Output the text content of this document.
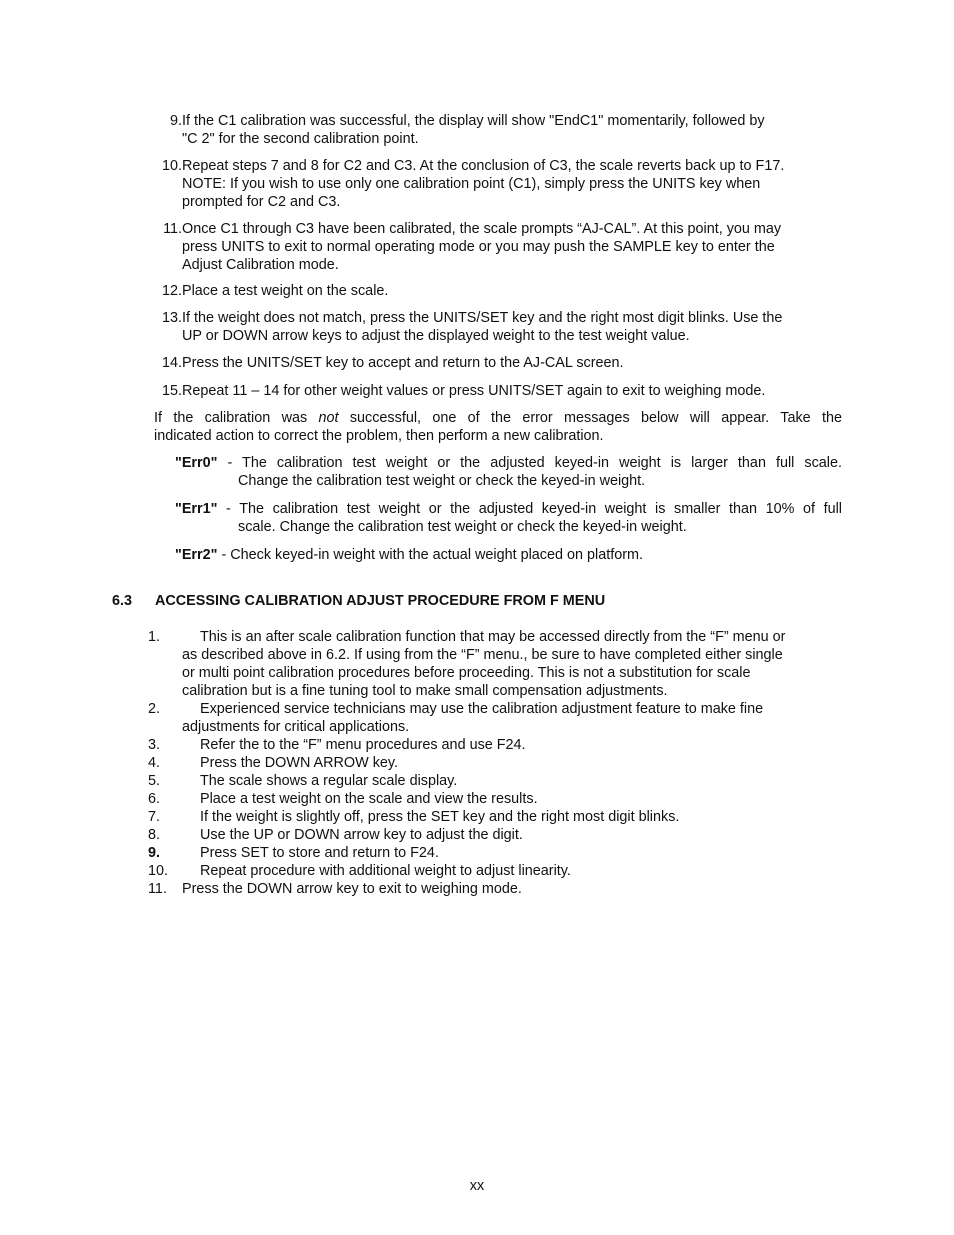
9. If the C1 calibration was successful, the display will show "EndC1" momentarily, followed by
"C 2" for the second calibration point.
10. Repeat steps 7 and 8 for C2 and C3. At the conclusion of C3, the scale reverts back up to F17.
NOTE: If you wish to use only one calibration point (C1), simply press the UNITS key when
prompted for C2 and C3.
11. Once C1 through C3 have been calibrated, the scale prompts “AJ-CAL”. At this point, you may
press UNITS to exit to normal operating mode or you may push the SAMPLE key to enter the
Adjust Calibration mode.
12. Place a test weight on the scale.
13. If the weight does not match, press the UNITS/SET key and the right most digit blinks. Use the
UP or DOWN arrow keys to adjust the displayed weight to the test weight value.
14. Press the UNITS/SET key to accept and return to the AJ-CAL screen.
15. Repeat 11 – 14 for other weight values or press UNITS/SET again to exit to weighing mode.
If the calibration was not successful, one of the error messages below will appear. Take the
indicated action to correct the problem, then perform a new calibration.
"Err0" - The calibration test weight or the adjusted keyed-in weight is larger than full scale.
Change the calibration test weight or check the keyed-in weight.
"Err1" - The calibration test weight or the adjusted keyed-in weight is smaller than 10% of full
scale. Change the calibration test weight or check the keyed-in weight.
"Err2" - Check keyed-in weight with the actual weight placed on platform.
6.3 ACCESSING CALIBRATION ADJUST PROCEDURE FROM F MENU
1.	This is an after scale calibration function that may be accessed directly from the “F” menu or
as described above in 6.2. If using from the “F” menu., be sure to have completed either single
or multi point calibration procedures before proceeding. This is not a substitution for scale
calibration but is a fine tuning tool to make small compensation adjustments.
2.	Experienced service technicians may use the calibration adjustment feature to make fine
adjustments for critical applications.
3.	Refer the to the “F” menu procedures and use F24.
4.	Press the DOWN ARROW key.
5.	The scale shows a regular scale display.
6.	Place a test weight on the scale and view the results.
7.	If the weight is slightly off, press the SET key and the right most digit blinks.
8.	Use the UP or DOWN arrow key to adjust the digit.
9.	Press SET to store and return to F24.
10. Repeat procedure with additional weight to adjust linearity.
11. Press the DOWN arrow key to exit to weighing mode.
xx
